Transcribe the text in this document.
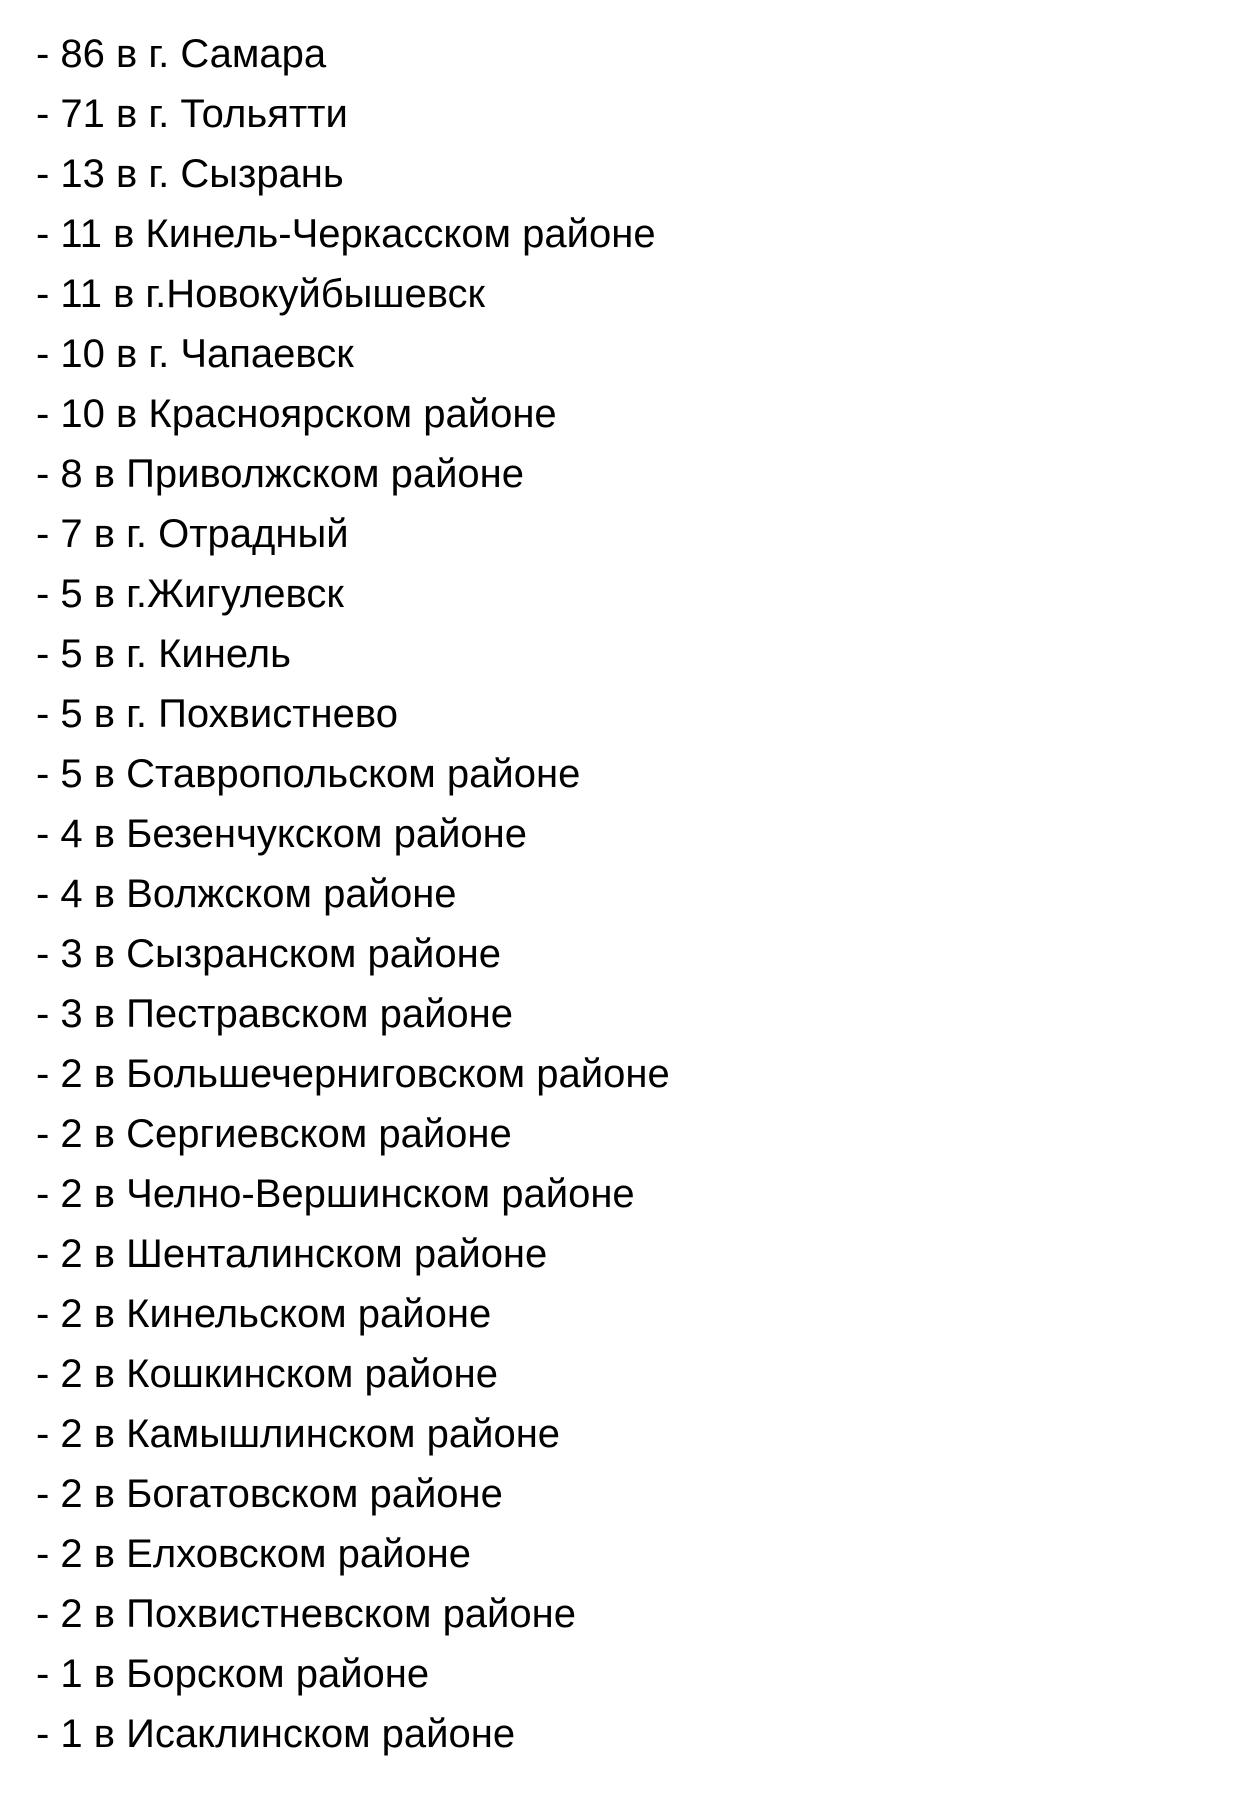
- 86 в г. Самара
- 71 в г. Тольятти
- 13 в г. Сызрань
- 11 в Кинель-Черкасском районе
- 11 в г.Новокуйбышевск
- 10 в г. Чапаевск
- 10 в Красноярском районе
- 8 в Приволжском районе
- 7 в г. Отрадный
- 5 в г.Жигулевск
- 5 в г. Кинель
- 5 в г. Похвистнево
- 5 в Ставропольском районе
- 4 в Безенчукском районе
- 4 в Волжском районе
- 3 в Сызранском районе
- 3 в Пестравском районе
- 2 в Большечерниговском районе
- 2 в Сергиевском районе
- 2 в Челно-Вершинском районе
- 2 в Шенталинском районе
- 2 в Кинельском районе
- 2 в Кошкинском районе
- 2 в Камышлинском районе
- 2 в Богатовском районе
- 2 в Елховском районе
- 2 в Похвистневском районе
- 1 в Борском районе
- 1 в Исаклинском районе
